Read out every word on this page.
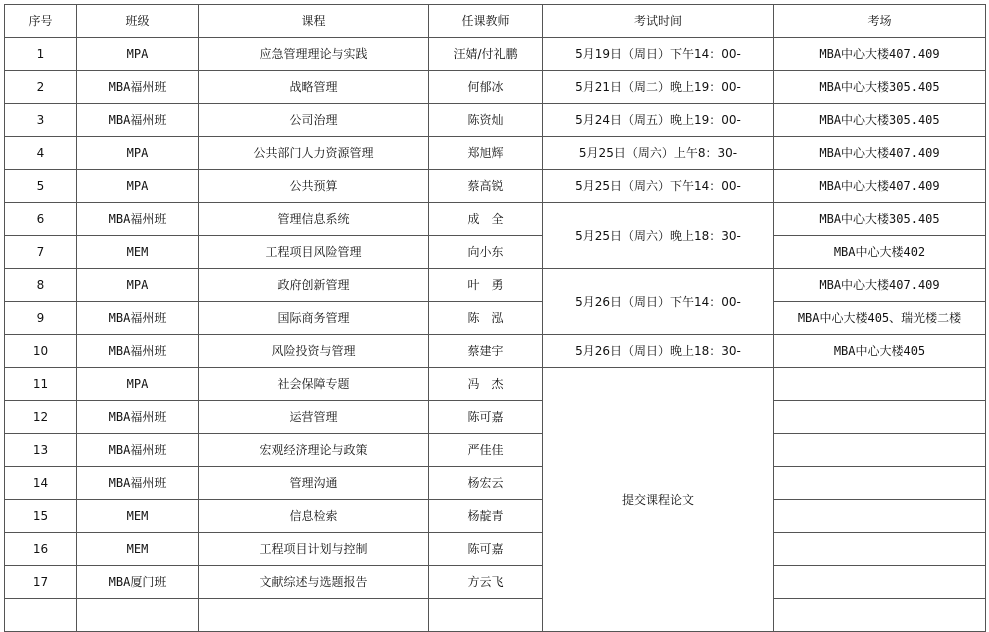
序号	班级	课程	任课教师	考试时间	考场	
1	MPA	应急管理理论与实践	汪婧/付礼鹏	5月19日（周日）下午14：00-	MBA中心大楼407.409	
2	MBA福州班	战略管理	何郁冰	5月21日（周二）晚上19：00-	MBA中心大楼305.405	
3	MBA福州班	公司治理	陈资灿	5月24日（周五）晚上19：00-	MBA中心大楼305.405	
4	MPA	公共部门人力资源管理	郑旭辉	5月25日（周六）上午8：30-	MBA中心大楼407.409	
5	MPA	公共预算	蔡高锐	5月25日（周六）下午14：00-	MBA中心大楼407.409	
6	MBA福州班	管理信息系统	成　全	5月25日（周六）晚上18：30-	MBA中心大楼305.405	
7	MEM	工程项目风险管理	向小东		MBA中心大楼402	
8	MPA	政府创新管理	叶　勇	5月26日（周日）下午14：00-	MBA中心大楼407.409	
9	MBA福州班	国际商务管理	陈　泓		MBA中心大楼405、瑞光楼二楼	
10	MBA福州班	风险投资与管理	蔡建宇	5月26日（周日）晚上18：30-	MBA中心大楼405	
11	MPA	社会保障专题	冯　杰	提交课程论文		
12	MBA福州班	运营管理	陈可嘉			
13	MBA福州班	宏观经济理论与政策	严佳佳			
14	MBA福州班	管理沟通	杨宏云			
15	MEM	信息检索	杨靛青			
16	MEM	工程项目计划与控制	陈可嘉			
17	MBA厦门班	文献综述与选题报告	方云飞			
